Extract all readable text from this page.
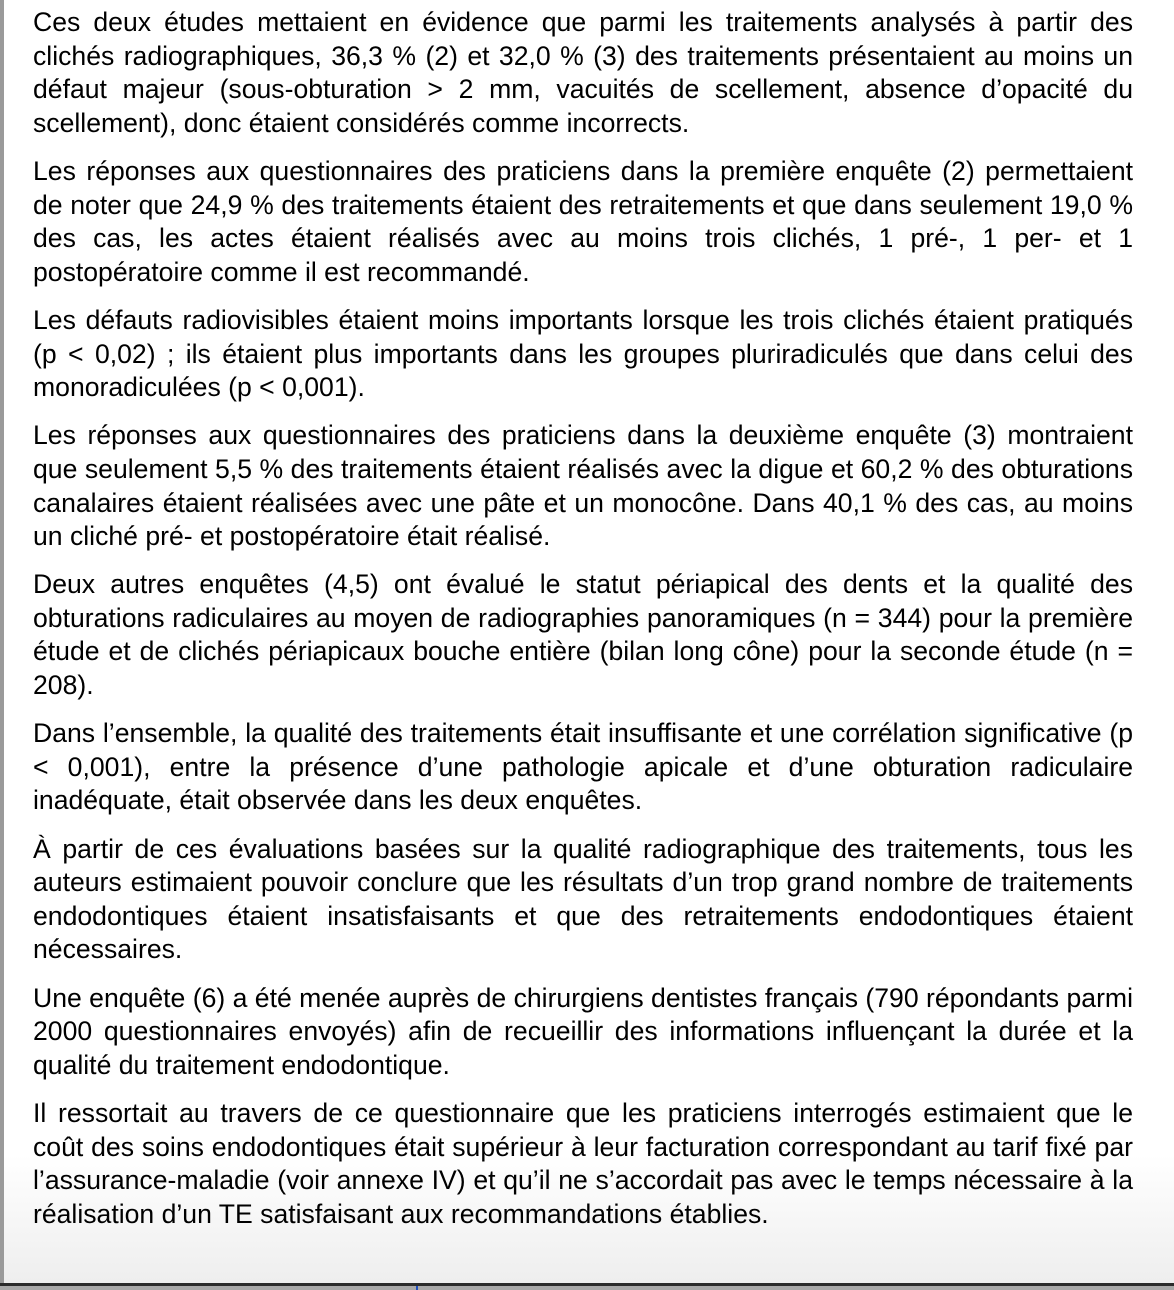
Ces deux études mettaient en évidence que parmi les traitements analysés à partir des clichés radiographiques, 36,3 % (2) et 32,0 % (3) des traitements présentaient au moins un défaut majeur (sous-obturation > 2 mm, vacuités de scellement, absence d’opacité du scellement), donc étaient considérés comme incorrects.

Les réponses aux questionnaires des praticiens dans la première enquête (2) permettaient de noter que 24,9 % des traitements étaient des retraitements et que dans seulement 19,0 % des cas, les actes étaient réalisés avec au moins trois clichés, 1 pré-, 1 per- et 1 postopératoire comme il est recommandé.

Les défauts radiovisibles étaient moins importants lorsque les trois clichés étaient pratiqués (p < 0,02) ; ils étaient plus importants dans les groupes pluriradiculés que dans celui des monoradiculées (p < 0,001).

Les réponses aux questionnaires des praticiens dans la deuxième enquête (3) montraient que seulement 5,5 % des traitements étaient réalisés avec la digue et 60,2 % des obturations canalaires étaient réalisées avec une pâte et un monocône. Dans 40,1 % des cas, au moins un cliché pré- et postopératoire était réalisé.

Deux autres enquêtes (4,5) ont évalué le statut périapical des dents et la qualité des obturations radiculaires au moyen de radiographies panoramiques (n = 344) pour la première étude et de clichés périapicaux bouche entière (bilan long cône) pour la seconde étude (n = 208).

Dans l’ensemble, la qualité des traitements était insuffisante et une corrélation significative (p < 0,001), entre la présence d’une pathologie apicale et d’une obturation radiculaire inadéquate, était observée dans les deux enquêtes.

À partir de ces évaluations basées sur la qualité radiographique des traitements, tous les auteurs estimaient pouvoir conclure que les résultats d’un trop grand nombre de traitements endodontiques étaient insatisfaisants et que des retraitements endodontiques étaient nécessaires.

Une enquête (6) a été menée auprès de chirurgiens dentistes français (790 répondants parmi 2000 questionnaires envoyés) afin de recueillir des informations influençant la durée et la qualité du traitement endodontique.

Il ressortait au travers de ce questionnaire que les praticiens interrogés estimaient que le coût des soins endodontiques était supérieur à leur facturation correspondant au tarif fixé par l’assurance-maladie (voir annexe IV) et qu’il ne s’accordait pas avec le temps nécessaire à la réalisation d’un TE satisfaisant aux recommandations établies.
